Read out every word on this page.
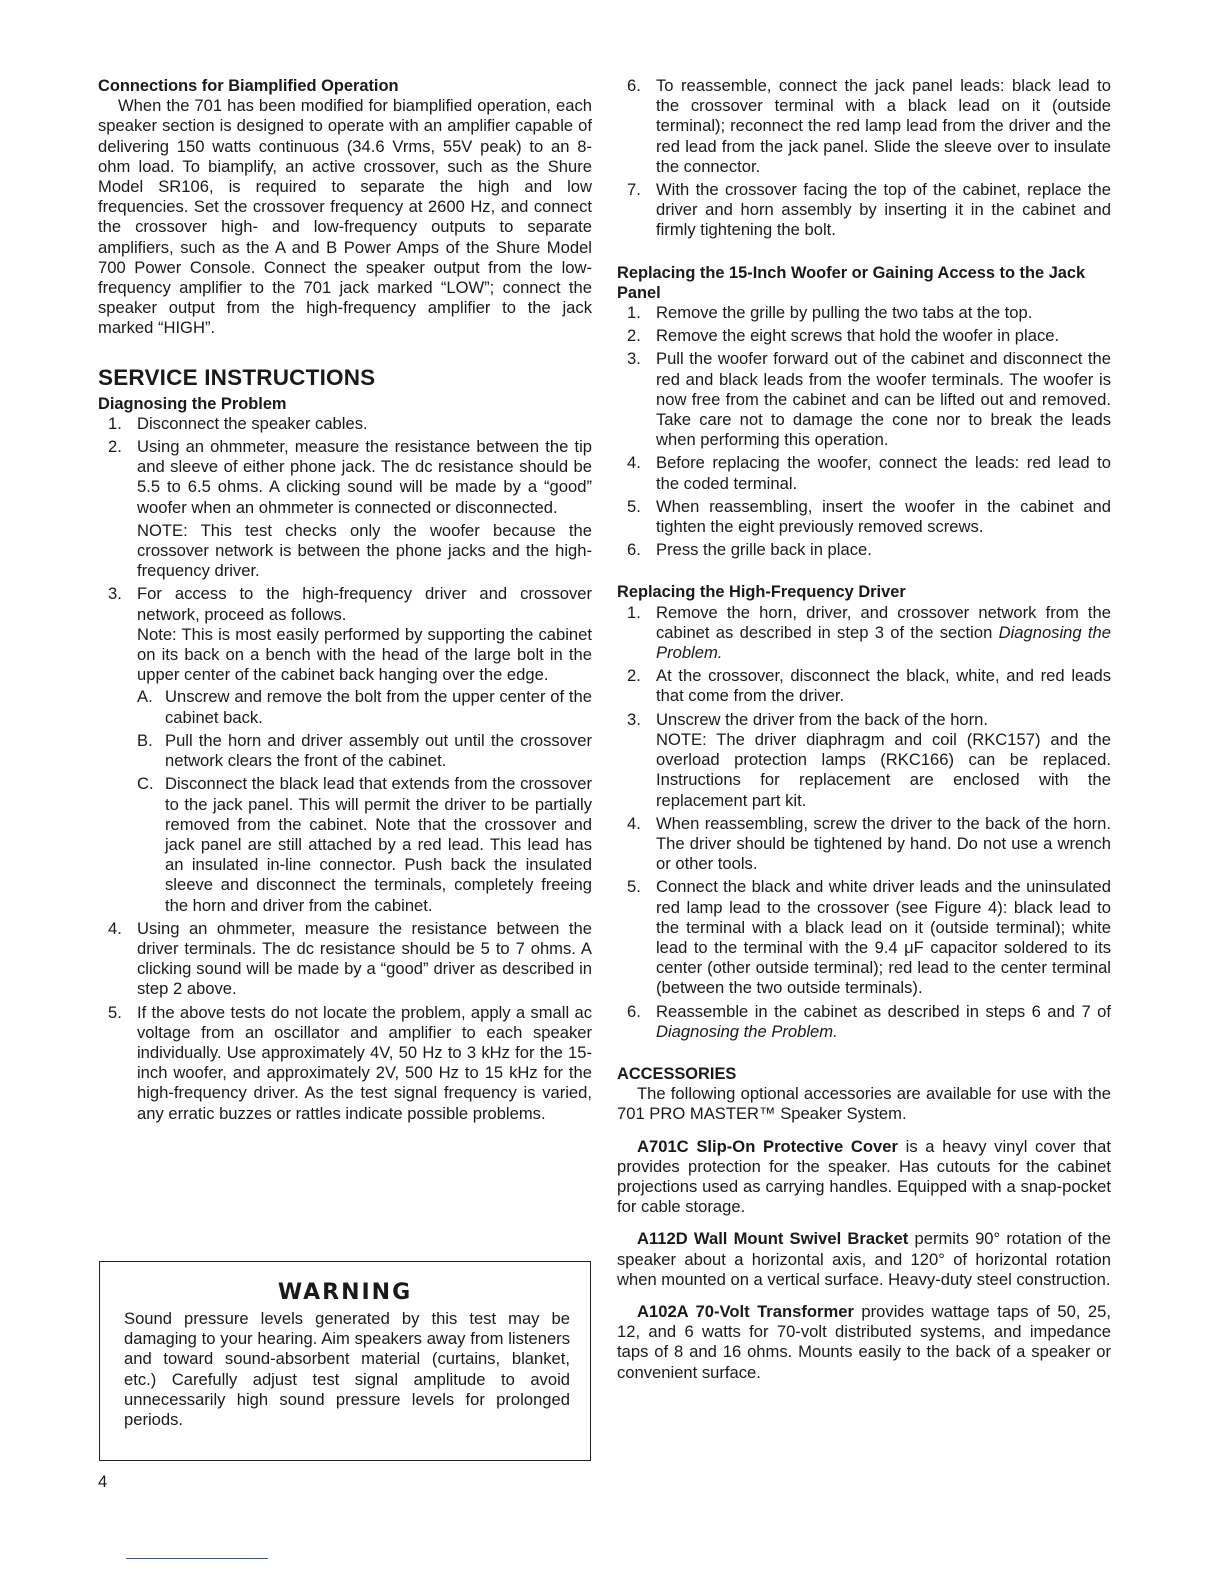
Connections for Biamplified Operation

When the 701 has been modified for biamplified operation, each speaker section is designed to operate with an amplifier capable of delivering 150 watts continuous (34.6 Vrms, 55V peak) to an 8-ohm load. To biamplify, an active crossover, such as the Shure Model SR106, is required to separate the high and low frequencies. Set the crossover frequency at 2600 Hz, and connect the crossover high- and low-frequency outputs to separate amplifiers, such as the A and B Power Amps of the Shure Model 700 Power Console. Connect the speaker output from the low-frequency amplifier to the 701 jack marked “LOW”; connect the speaker output from the high-frequency amplifier to the jack marked “HIGH”.

SERVICE INSTRUCTIONS

Diagnosing the Problem

1. Disconnect the speaker cables.
2. Using an ohmmeter, measure the resistance between the tip and sleeve of either phone jack. The dc resistance should be 5.5 to 6.5 ohms. A clicking sound will be made by a “good” woofer when an ohmmeter is connected or disconnected.
NOTE: This test checks only the woofer because the crossover network is between the phone jacks and the high-frequency driver.
3. For access to the high-frequency driver and crossover network, proceed as follows.
Note: This is most easily performed by supporting the cabinet on its back on a bench with the head of the large bolt in the upper center of the cabinet back hanging over the edge.
A. Unscrew and remove the bolt from the upper center of the cabinet back.
B. Pull the horn and driver assembly out until the crossover network clears the front of the cabinet.
C. Disconnect the black lead that extends from the crossover to the jack panel. This will permit the driver to be partially removed from the cabinet. Note that the crossover and jack panel are still attached by a red lead. This lead has an insulated in-line connector. Push back the insulated sleeve and disconnect the terminals, completely freeing the horn and driver from the cabinet.
4. Using an ohmmeter, measure the resistance between the driver terminals. The dc resistance should be 5 to 7 ohms. A clicking sound will be made by a “good” driver as described in step 2 above.
5. If the above tests do not locate the problem, apply a small ac voltage from an oscillator and amplifier to each speaker individually. Use approximately 4V, 50 Hz to 3 kHz for the 15-inch woofer, and approximately 2V, 500 Hz to 15 kHz for the high-frequency driver. As the test signal frequency is varied, any erratic buzzes or rattles indicate possible problems.
WARNING

Sound pressure levels generated by this test may be damaging to your hearing. Aim speakers away from listeners and toward sound-absorbent material (curtains, blanket, etc.) Carefully adjust test signal amplitude to avoid unnecessarily high sound pressure levels for prolonged periods.

4
6. To reassemble, connect the jack panel leads: black lead to the crossover terminal with a black lead on it (outside terminal); reconnect the red lamp lead from the driver and the red lead from the jack panel. Slide the sleeve over to insulate the connector.
7. With the crossover facing the top of the cabinet, replace the driver and horn assembly by inserting it in the cabinet and firmly tightening the bolt.

Replacing the 15-Inch Woofer or Gaining Access to the Jack Panel

1. Remove the grille by pulling the two tabs at the top.
2. Remove the eight screws that hold the woofer in place.
3. Pull the woofer forward out of the cabinet and disconnect the red and black leads from the woofer terminals. The woofer is now free from the cabinet and can be lifted out and removed. Take care not to damage the cone nor to break the leads when performing this operation.
4. Before replacing the woofer, connect the leads: red lead to the coded terminal.
5. When reassembling, insert the woofer in the cabinet and tighten the eight previously removed screws.
6. Press the grille back in place.

Replacing the High-Frequency Driver

1. Remove the horn, driver, and crossover network from the cabinet as described in step 3 of the section Diagnosing the Problem.
2. At the crossover, disconnect the black, white, and red leads that come from the driver.
3. Unscrew the driver from the back of the horn.
NOTE: The driver diaphragm and coil (RKC157) and the overload protection lamps (RKC166) can be replaced. Instructions for replacement are enclosed with the replacement part kit.
4. When reassembling, screw the driver to the back of the horn. The driver should be tightened by hand. Do not use a wrench or other tools.
5. Connect the black and white driver leads and the uninsulated red lamp lead to the crossover (see Figure 4): black lead to the terminal with a black lead on it (outside terminal); white lead to the terminal with the 9.4 μF capacitor soldered to its center (other outside terminal); red lead to the center terminal (between the two outside terminals).
6. Reassemble in the cabinet as described in steps 6 and 7 of Diagnosing the Problem.

ACCESSORIES

The following optional accessories are available for use with the 701 PRO MASTER™ Speaker System.

A701C Slip-On Protective Cover is a heavy vinyl cover that provides protection for the speaker. Has cutouts for the cabinet projections used as carrying handles. Equipped with a snap-pocket for cable storage.

A112D Wall Mount Swivel Bracket permits 90° rotation of the speaker about a horizontal axis, and 120° of horizontal rotation when mounted on a vertical surface. Heavy-duty steel construction.

A102A 70-Volt Transformer provides wattage taps of 50, 25, 12, and 6 watts for 70-volt distributed systems, and impedance taps of 8 and 16 ohms. Mounts easily to the back of a speaker or convenient surface.
